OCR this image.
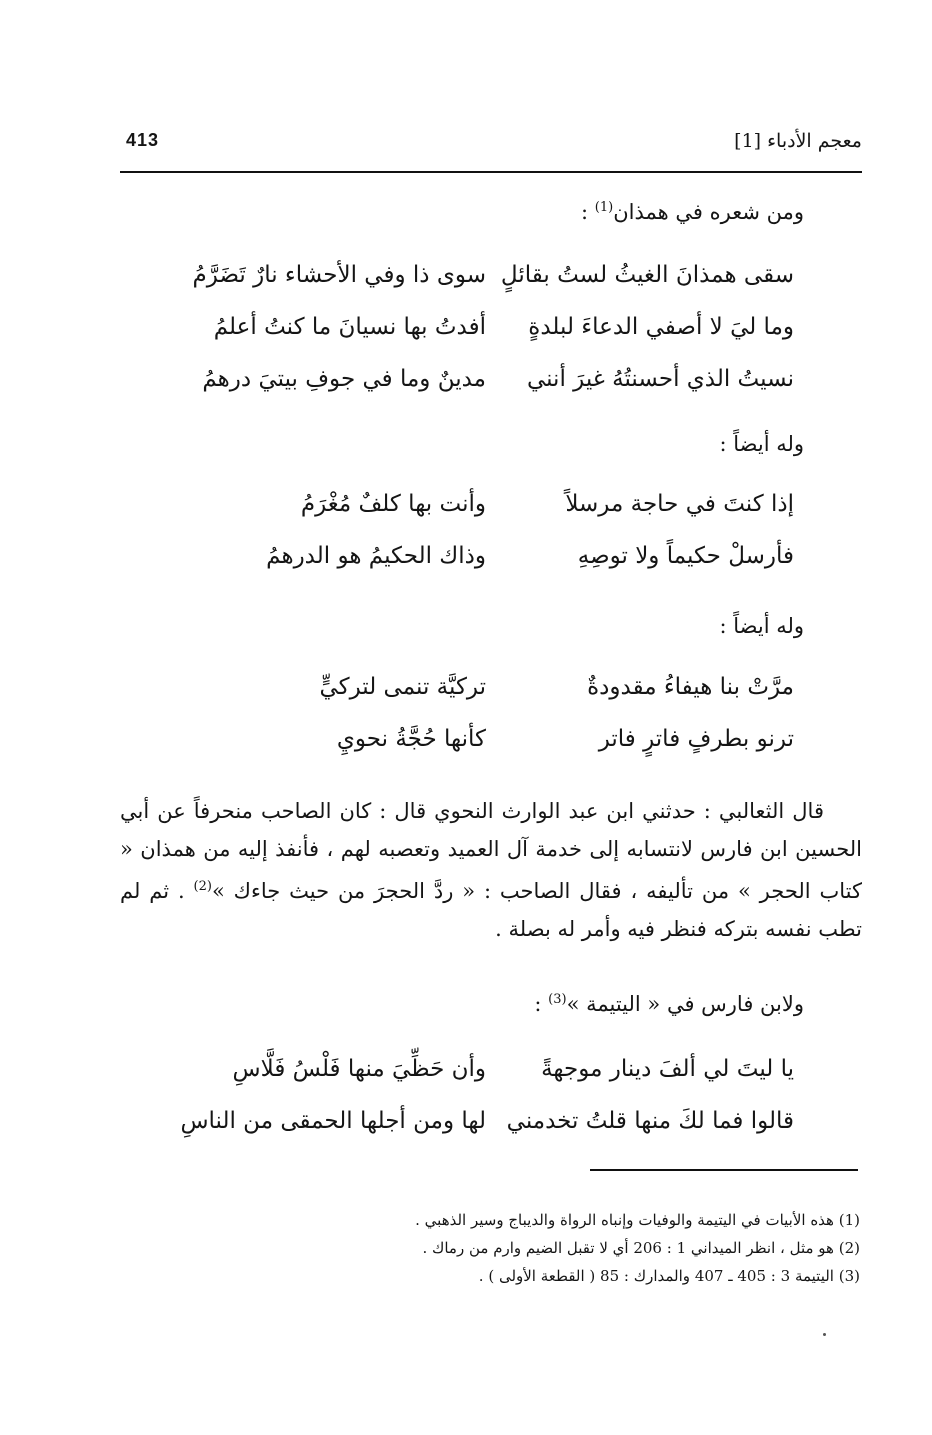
413	معجم الأدباء [1]
ومن شعره في همذان$^{(1)}$ :
سقى همذانَ الغيثُ لستُ بقائلٍ
سوى ذا وفي الأحشاء نارٌ تَضَرَّمُ
وما ليَ لا أصفي الدعاءَ لبلدةٍ
أفدتُ بها نسيانَ ما كنتُ أعلمُ
نسيتُ الذي أحسنتُهُ غيرَ أنني
مدينٌ وما في جوفِ بيتيَ درهمُ
وله أيضاً :
إذا كنتَ في حاجة مرسلاً
وأنت بها كلفٌ مُغْرَمُ
فأرسلْ حكيماً ولا توصِهِ
وذاك الحكيمُ هو الدرهمُ
وله أيضاً :
مرَّتْ بنا هيفاءُ مقدودةٌ
تركيَّة تنمى لتركيٍّ
ترنو بطرفٍ فاترٍ فاتر
كأنها حُجَّةُ نحويِ

قال الثعالبي : حدثني ابن عبد الوارث النحوي قال : كان الصاحب منحرفاً عن أبي الحسين ابن فارس لانتسابه إلى خدمة آل العميد وتعصبه لهم ، فأنفذ إليه من همذان « كتاب الحجر » من تأليفه ، فقال الصاحب : « ردَّ الحجرَ من حيث جاءك »$^{(2)}$ . ثم لم تطب نفسه بتركه فنظر فيه وأمر له بصلة .

ولابن فارس في « اليتيمة »$^{(3)}$ :
يا ليتَ لي ألفَ دينار موجهةً
وأن حَظِّيَ منها فَلْسُ فَلَّاسِ
قالوا فما لكَ منها قلتُ تخدمني
لها ومن أجلها الحمقى من الناسِ
(1) هذه الأبيات في اليتيمة والوفيات وإنباه الرواة والديباج وسير الذهبي .
(2) هو مثل ، انظر الميداني 1 : 206 أي لا تقبل الضيم وارم من رماك .
(3) اليتيمة 3 : 405 ـ 407 والمدارك : 85 ( القطعة الأولى ) .
